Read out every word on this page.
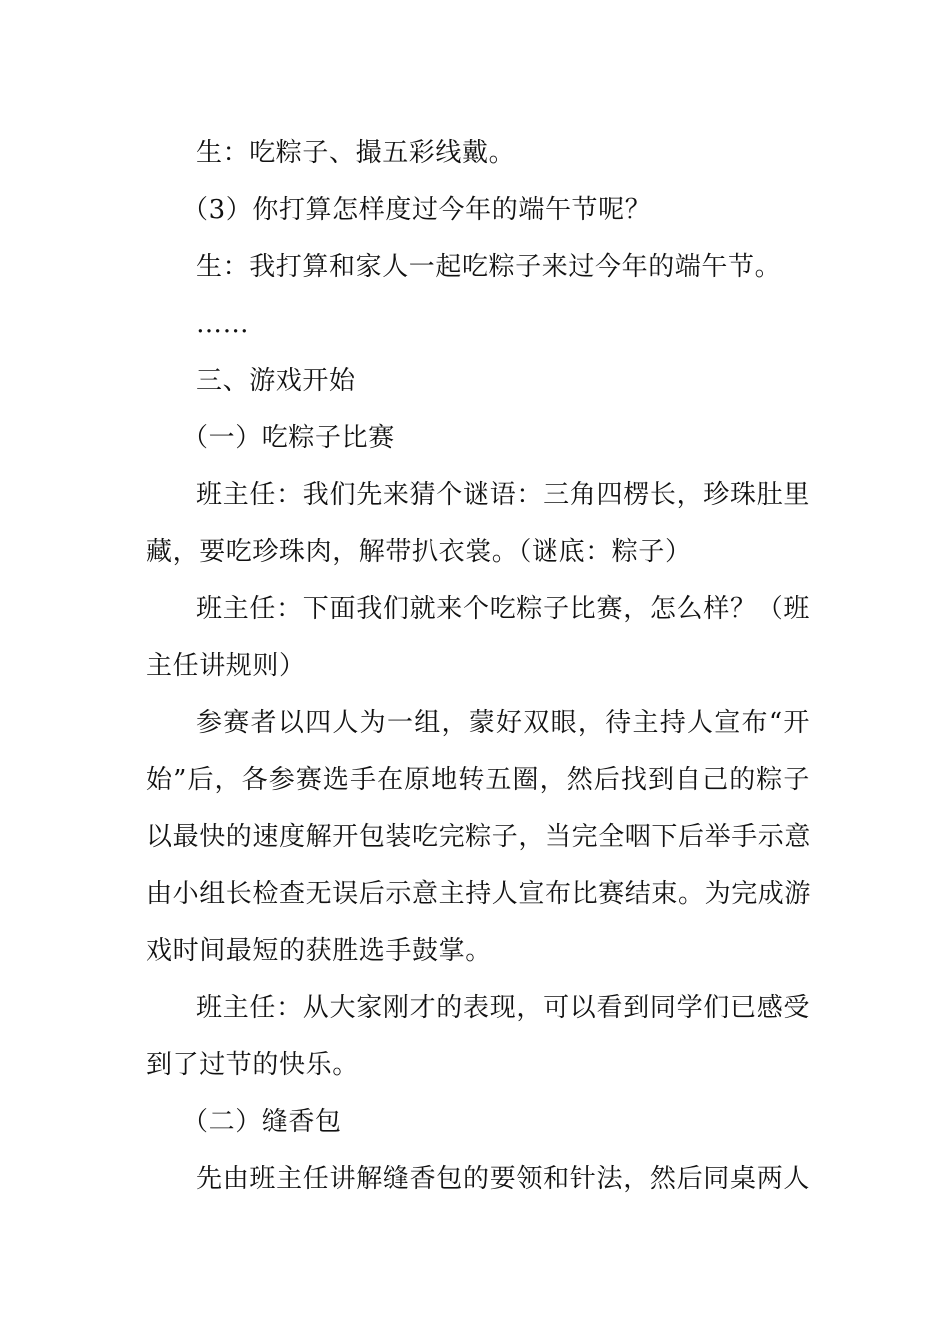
生：吃粽子、撮五彩线戴。
（3）你打算怎样度过今年的端午节呢？
生：我打算和家人一起吃粽子来过今年的端午节。
……
三、游戏开始
（一）吃粽子比赛
班主任：我们先来猜个谜语：三角四楞长，珍珠肚里
藏，要吃珍珠肉，解带扒衣裳。（谜底：粽子）
班主任：下面我们就来个吃粽子比赛，怎么样？（班
主任讲规则）
参赛者以四人为一组，蒙好双眼，待主持人宣布“开
始”后，各参赛选手在原地转五圈，然后找到自己的粽子
以最快的速度解开包装吃完粽子，当完全咽下后举手示意
由小组长检查无误后示意主持人宣布比赛结束。为完成游
戏时间最短的获胜选手鼓掌。
班主任：从大家刚才的表现，可以看到同学们已感受
到了过节的快乐。
（二）缝香包
先由班主任讲解缝香包的要领和针法，然后同桌两人
